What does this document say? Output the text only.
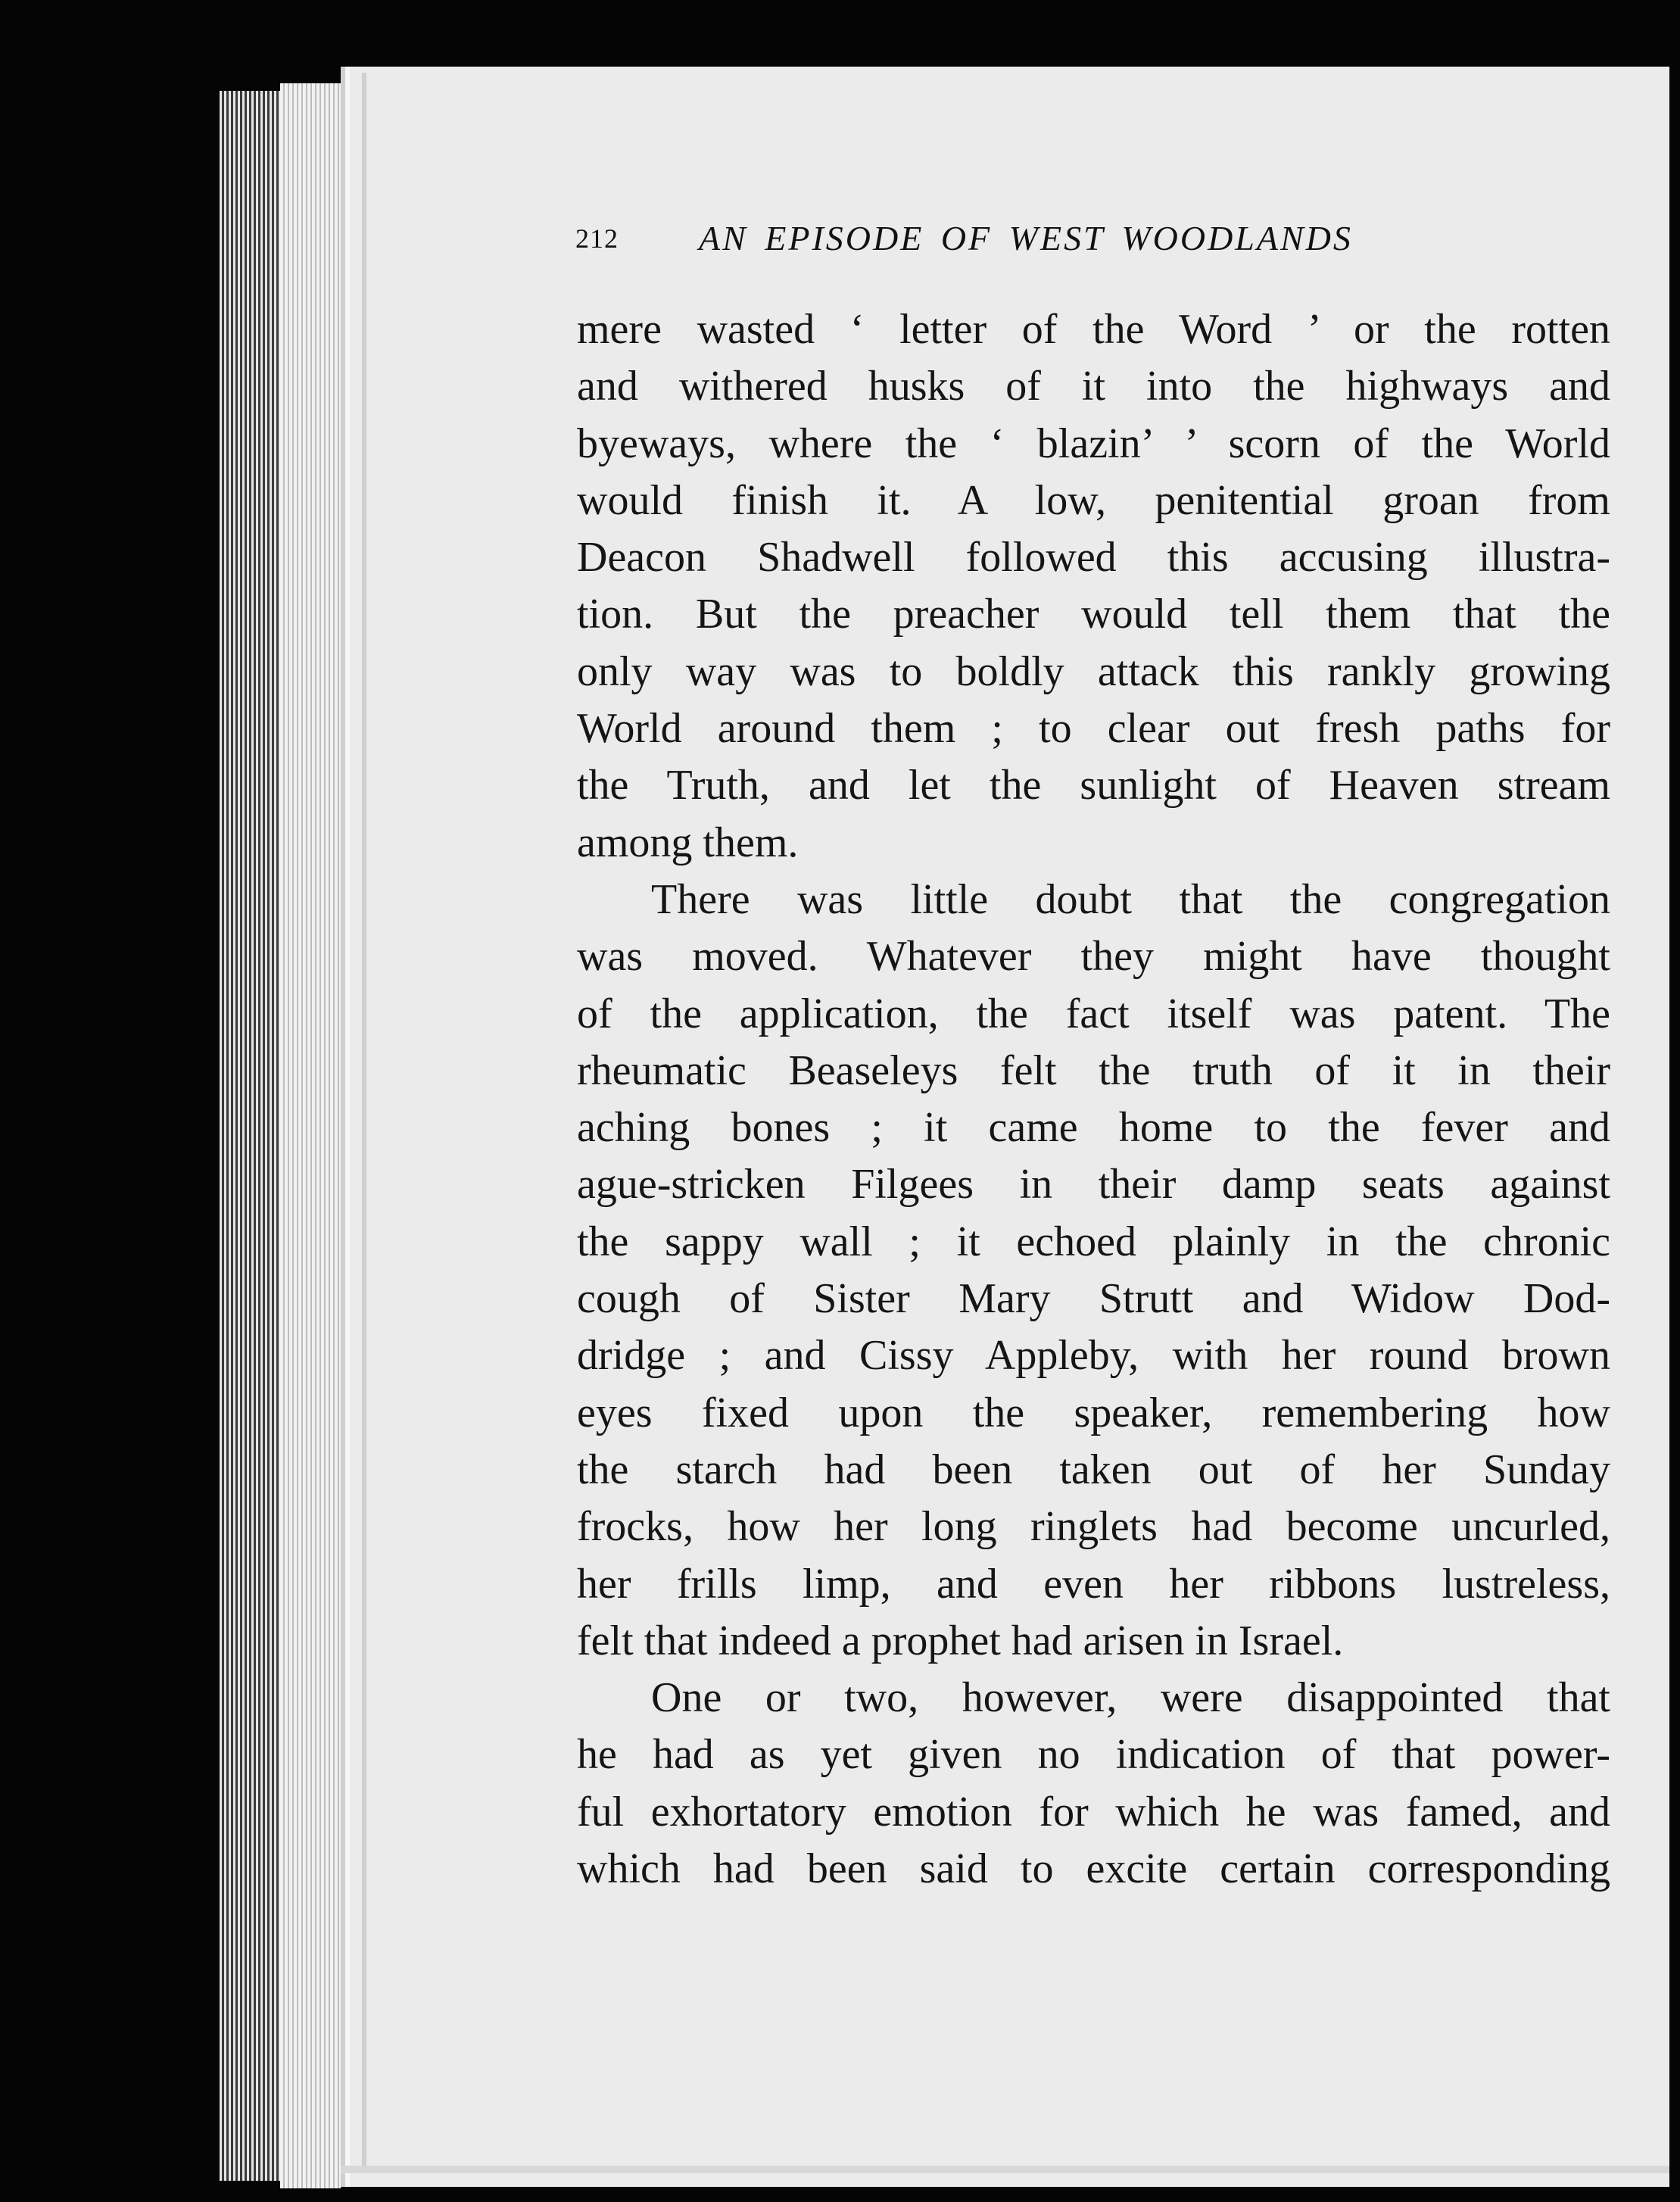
212 AN EPISODE OF WEST WOODLANDS
mere wasted ‘ letter of the Word ’ or the rotten
and withered husks of it into the highways and
byeways, where the ‘ blazin’ ’ scorn of the World
would finish it. A low, penitential groan from
Deacon Shadwell followed this accusing illustra-
tion. But the preacher would tell them that the
only way was to boldly attack this rankly growing
World around them ; to clear out fresh paths for
the Truth, and let the sunlight of Heaven stream
among them.
There was little doubt that the congregation
was moved. Whatever they might have thought
of the application, the fact itself was patent. The
rheumatic Beaseleys felt the truth of it in their
aching bones ; it came home to the fever and
ague-stricken Filgees in their damp seats against
the sappy wall ; it echoed plainly in the chronic
cough of Sister Mary Strutt and Widow Dod-
dridge ; and Cissy Appleby, with her round brown
eyes fixed upon the speaker, remembering how
the starch had been taken out of her Sunday
frocks, how her long ringlets had become uncurled,
her frills limp, and even her ribbons lustreless,
felt that indeed a prophet had arisen in Israel.
One or two, however, were disappointed that
he had as yet given no indication of that power-
ful exhortatory emotion for which he was famed, and
which had been said to excite certain corresponding
